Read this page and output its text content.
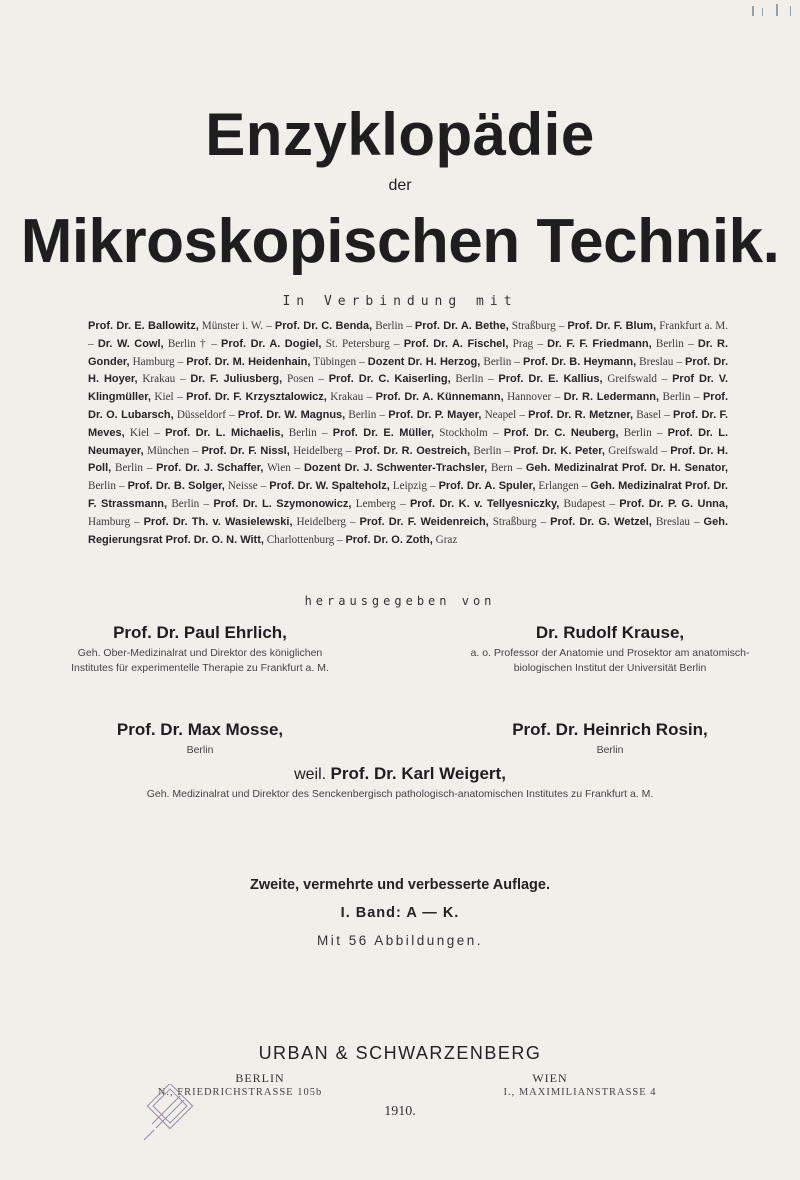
Enzyklopädie
der
Mikroskopischen Technik.
In Verbindung mit
Prof. Dr. E. Ballowitz, Münster i. W. – Prof. Dr. C. Benda, Berlin – Prof. Dr. A. Bethe, Straßburg – Prof. Dr. F. Blum, Frankfurt a. M. – Dr. W. Cowl, Berlin † – Prof. Dr. A. Dogiel, St. Petersburg – Prof. Dr. A. Fischel, Prag – Dr. F. F. Friedmann, Berlin – Dr. R. Gonder, Hamburg – Prof. Dr. M. Heidenhain, Tübingen – Dozent Dr. H. Herzog, Berlin – Prof. Dr. B. Heymann, Breslau – Prof. Dr. H. Hoyer, Krakau – Dr. F. Juliusberg, Posen – Prof. Dr. C. Kaiserling, Berlin – Prof. Dr. E. Kallius, Greifswald – Prof Dr. V. Klingmüller, Kiel – Prof. Dr. F. Krzysztalowicz, Krakau – Prof. Dr. A. Künnemann, Hannover – Dr. R. Ledermann, Berlin – Prof. Dr. O. Lubarsch, Düsseldorf – Prof. Dr. W. Magnus, Berlin – Prof. Dr. P. Mayer, Neapel – Prof. Dr. R. Metzner, Basel – Prof. Dr. F. Meves, Kiel – Prof. Dr. L. Michaelis, Berlin – Prof. Dr. E. Müller, Stockholm – Prof. Dr. C. Neuberg, Berlin – Prof. Dr. L. Neumayer, München – Prof. Dr. F. Nissl, Heidelberg – Prof. Dr. R. Oestreich, Berlin – Prof. Dr. K. Peter, Greifswald – Prof. Dr. H. Poll, Berlin – Prof. Dr. J. Schaffer, Wien – Dozent Dr. J. Schwenter-Trachsler, Bern – Geh. Medizinalrat Prof. Dr. H. Senator, Berlin – Prof. Dr. B. Solger, Neisse – Prof. Dr. W. Spalteholz, Leipzig – Prof. Dr. A. Spuler, Erlangen – Geh. Medizinalrat Prof. Dr. F. Strassmann, Berlin – Prof. Dr. L. Szymonowicz, Lemberg – Prof. Dr. K. v. Tellyesniczky, Budapest – Prof. Dr. P. G. Unna, Hamburg – Prof. Dr. Th. v. Wasielewski, Heidelberg – Prof. Dr. F. Weidenreich, Straßburg – Prof. Dr. G. Wetzel, Breslau – Geh. Regierungsrat Prof. Dr. O. N. Witt, Charlottenburg – Prof. Dr. O. Zoth, Graz
herausgegeben von
Prof. Dr. Paul Ehrlich,
Geh. Ober-Medizinalrat und Direktor des königlichen Institutes für experimentelle Therapie zu Frankfurt a. M.
Dr. Rudolf Krause,
a. o. Professor der Anatomie und Prosektor am anatomisch-biologischen Institut der Universität Berlin
Prof. Dr. Max Mosse,
Berlin
Prof. Dr. Heinrich Rosin,
Berlin
weil. Prof. Dr. Karl Weigert,
Geh. Medizinalrat und Direktor des Senckenbergisch pathologisch-anatomischen Institutes zu Frankfurt a. M.
Zweite, vermehrte und verbesserte Auflage.
I. Band: A — K.
Mit 56 Abbildungen.
URBAN & SCHWARZENBERG
BERLIN	WIEN
N., FRIEDRICHSTRASSE 105b	I., MAXIMILIANSTRASSE 4
1910.
